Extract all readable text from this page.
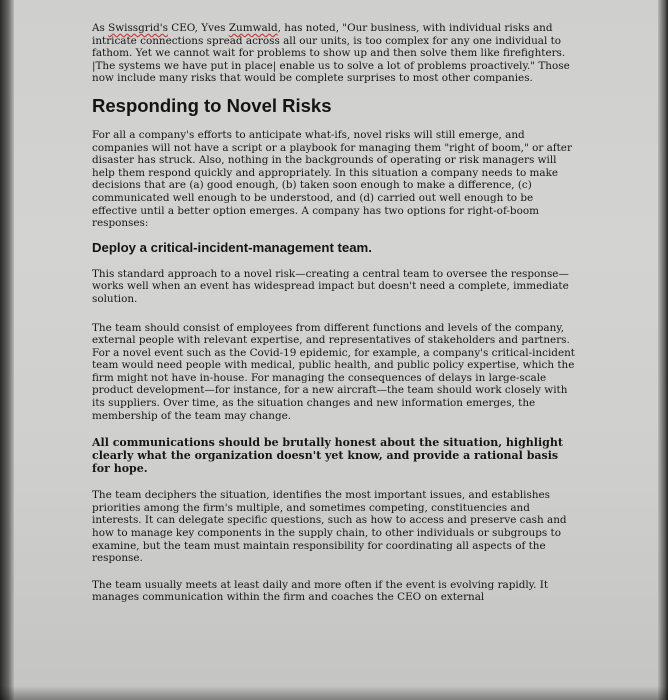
As Swissgrid's CEO, Yves Zumwald, has noted, "Our business, with individual risks and intricate connections spread across all our units, is too complex for any one individual to fathom. Yet we cannot wait for problems to show up and then solve them like firefighters. |The systems we have put in place| enable us to solve a lot of problems proactively." Those now include many risks that would be complete surprises to most other companies.

Responding to Novel Risks

For all a company's efforts to anticipate what-ifs, novel risks will still emerge, and companies will not have a script or a playbook for managing them "right of boom," or after disaster has struck. Also, nothing in the backgrounds of operating or risk managers will help them respond quickly and appropriately. In this situation a company needs to make decisions that are (a) good enough, (b) taken soon enough to make a difference, (c) communicated well enough to be understood, and (d) carried out well enough to be effective until a better option emerges. A company has two options for right-of-boom responses:

Deploy a critical-incident-management team.

This standard approach to a novel risk—creating a central team to oversee the response—works well when an event has widespread impact but doesn't need a complete, immediate solution.

The team should consist of employees from different functions and levels of the company, external people with relevant expertise, and representatives of stakeholders and partners. For a novel event such as the Covid-19 epidemic, for example, a company's critical-incident team would need people with medical, public health, and public policy expertise, which the firm might not have in-house. For managing the consequences of delays in large-scale product development—for instance, for a new aircraft—the team should work closely with its suppliers. Over time, as the situation changes and new information emerges, the membership of the team may change.

All communications should be brutally honest about the situation, highlight clearly what the organization doesn't yet know, and provide a rational basis for hope.

The team deciphers the situation, identifies the most important issues, and establishes priorities among the firm's multiple, and sometimes competing, constituencies and interests. It can delegate specific questions, such as how to access and preserve cash and how to manage key components in the supply chain, to other individuals or subgroups to examine, but the team must maintain responsibility for coordinating all aspects of the response.

The team usually meets at least daily and more often if the event is evolving rapidly. It manages communication within the firm and coaches the CEO on external
